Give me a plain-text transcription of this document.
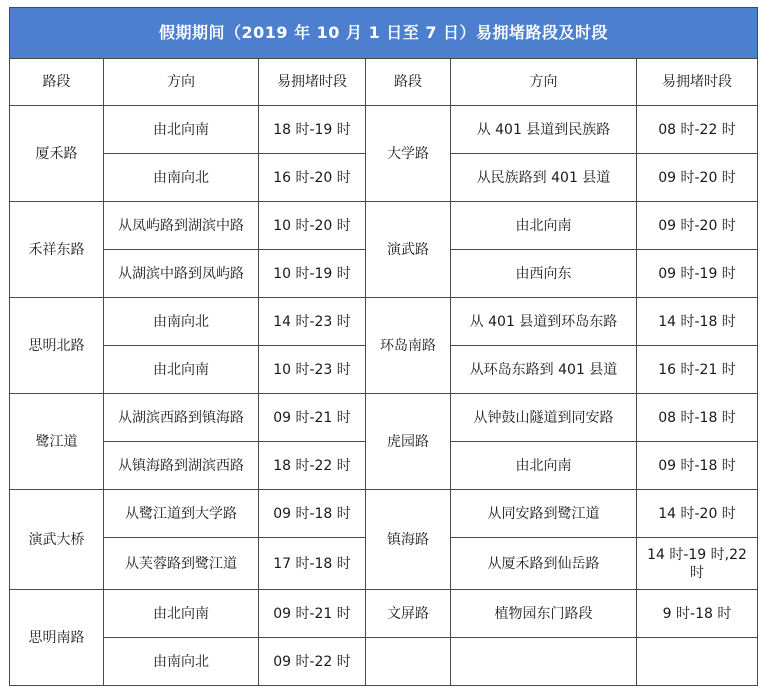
假期期间（2019 年 10 月 1 日至 7 日）易拥堵路段及时段					
路段	方向	易拥堵时段	路段	方向	易拥堵时段
厦禾路	由北向南	18 时-19 时	大学路	从 401 县道到民族路	08 时-22 时
	由南向北	16 时-20 时		从民族路到 401 县道	09 时-20 时
禾祥东路	从凤屿路到湖滨中路	10 时-20 时	演武路	由北向南	09 时-20 时
	从湖滨中路到凤屿路	10 时-19 时		由西向东	09 时-19 时
思明北路	由南向北	14 时-23 时	环岛南路	从 401 县道到环岛东路	14 时-18 时
	由北向南	10 时-23 时		从环岛东路到 401 县道	16 时-21 时
鹭江道	从湖滨西路到镇海路	09 时-21 时	虎园路	从钟鼓山隧道到同安路	08 时-18 时
	从镇海路到湖滨西路	18 时-22 时		由北向南	09 时-18 时
演武大桥	从鹭江道到大学路	09 时-18 时	镇海路	从同安路到鹭江道	14 时-20 时
	从芙蓉路到鹭江道	17 时-18 时		从厦禾路到仙岳路	14 时-19 时,22 时
思明南路	由北向南	09 时-21 时	文屏路	植物园东门路段	9 时-18 时
	由南向北	09 时-22 时			
